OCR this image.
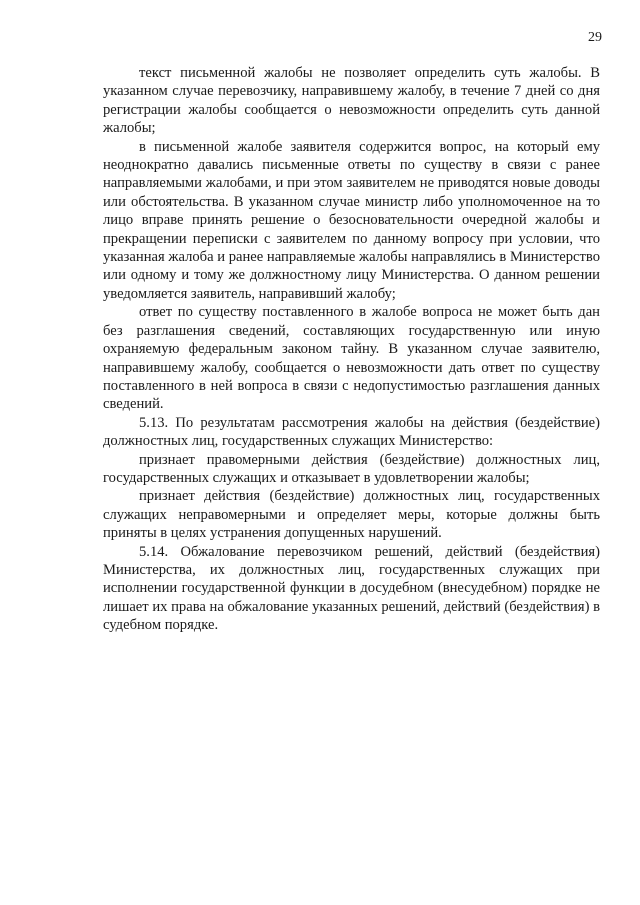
29

текст письменной жалобы не позволяет определить суть жалобы. В указанном случае перевозчику, направившему жалобу, в течение 7 дней со дня регистрации жалобы сообщается о невозможности определить суть данной жалобы;

в письменной жалобе заявителя содержится вопрос, на который ему неоднократно давались письменные ответы по существу в связи с ранее направляемыми жалобами, и при этом заявителем не приводятся новые доводы или обстоятельства. В указанном случае министр либо уполномоченное на то лицо вправе принять решение о безосновательности очередной жалобы и прекращении переписки с заявителем по данному вопросу при условии, что указанная жалоба и ранее направляемые жалобы направлялись в Министерство или одному и тому же должностному лицу Министерства. О данном решении уведомляется заявитель, направивший жалобу;

ответ по существу поставленного в жалобе вопроса не может быть дан без разглашения сведений, составляющих государственную или иную охраняемую федеральным законом тайну. В указанном случае заявителю, направившему жалобу, сообщается о невозможности дать ответ по существу поставленного в ней вопроса в связи с недопустимостью разглашения данных сведений.

5.13. По результатам рассмотрения жалобы на действия (бездействие) должностных лиц, государственных служащих Министерство:

признает правомерными действия (бездействие) должностных лиц, государственных служащих и отказывает в удовлетворении жалобы;

признает действия (бездействие) должностных лиц, государственных служащих неправомерными и определяет меры, которые должны быть приняты в целях устранения допущенных нарушений.

5.14. Обжалование перевозчиком решений, действий (бездействия) Министерства, их должностных лиц, государственных служащих при исполнении государственной функции в досудебном (внесудебном) порядке не лишает их права на обжалование указанных решений, действий (бездействия) в судебном порядке.
